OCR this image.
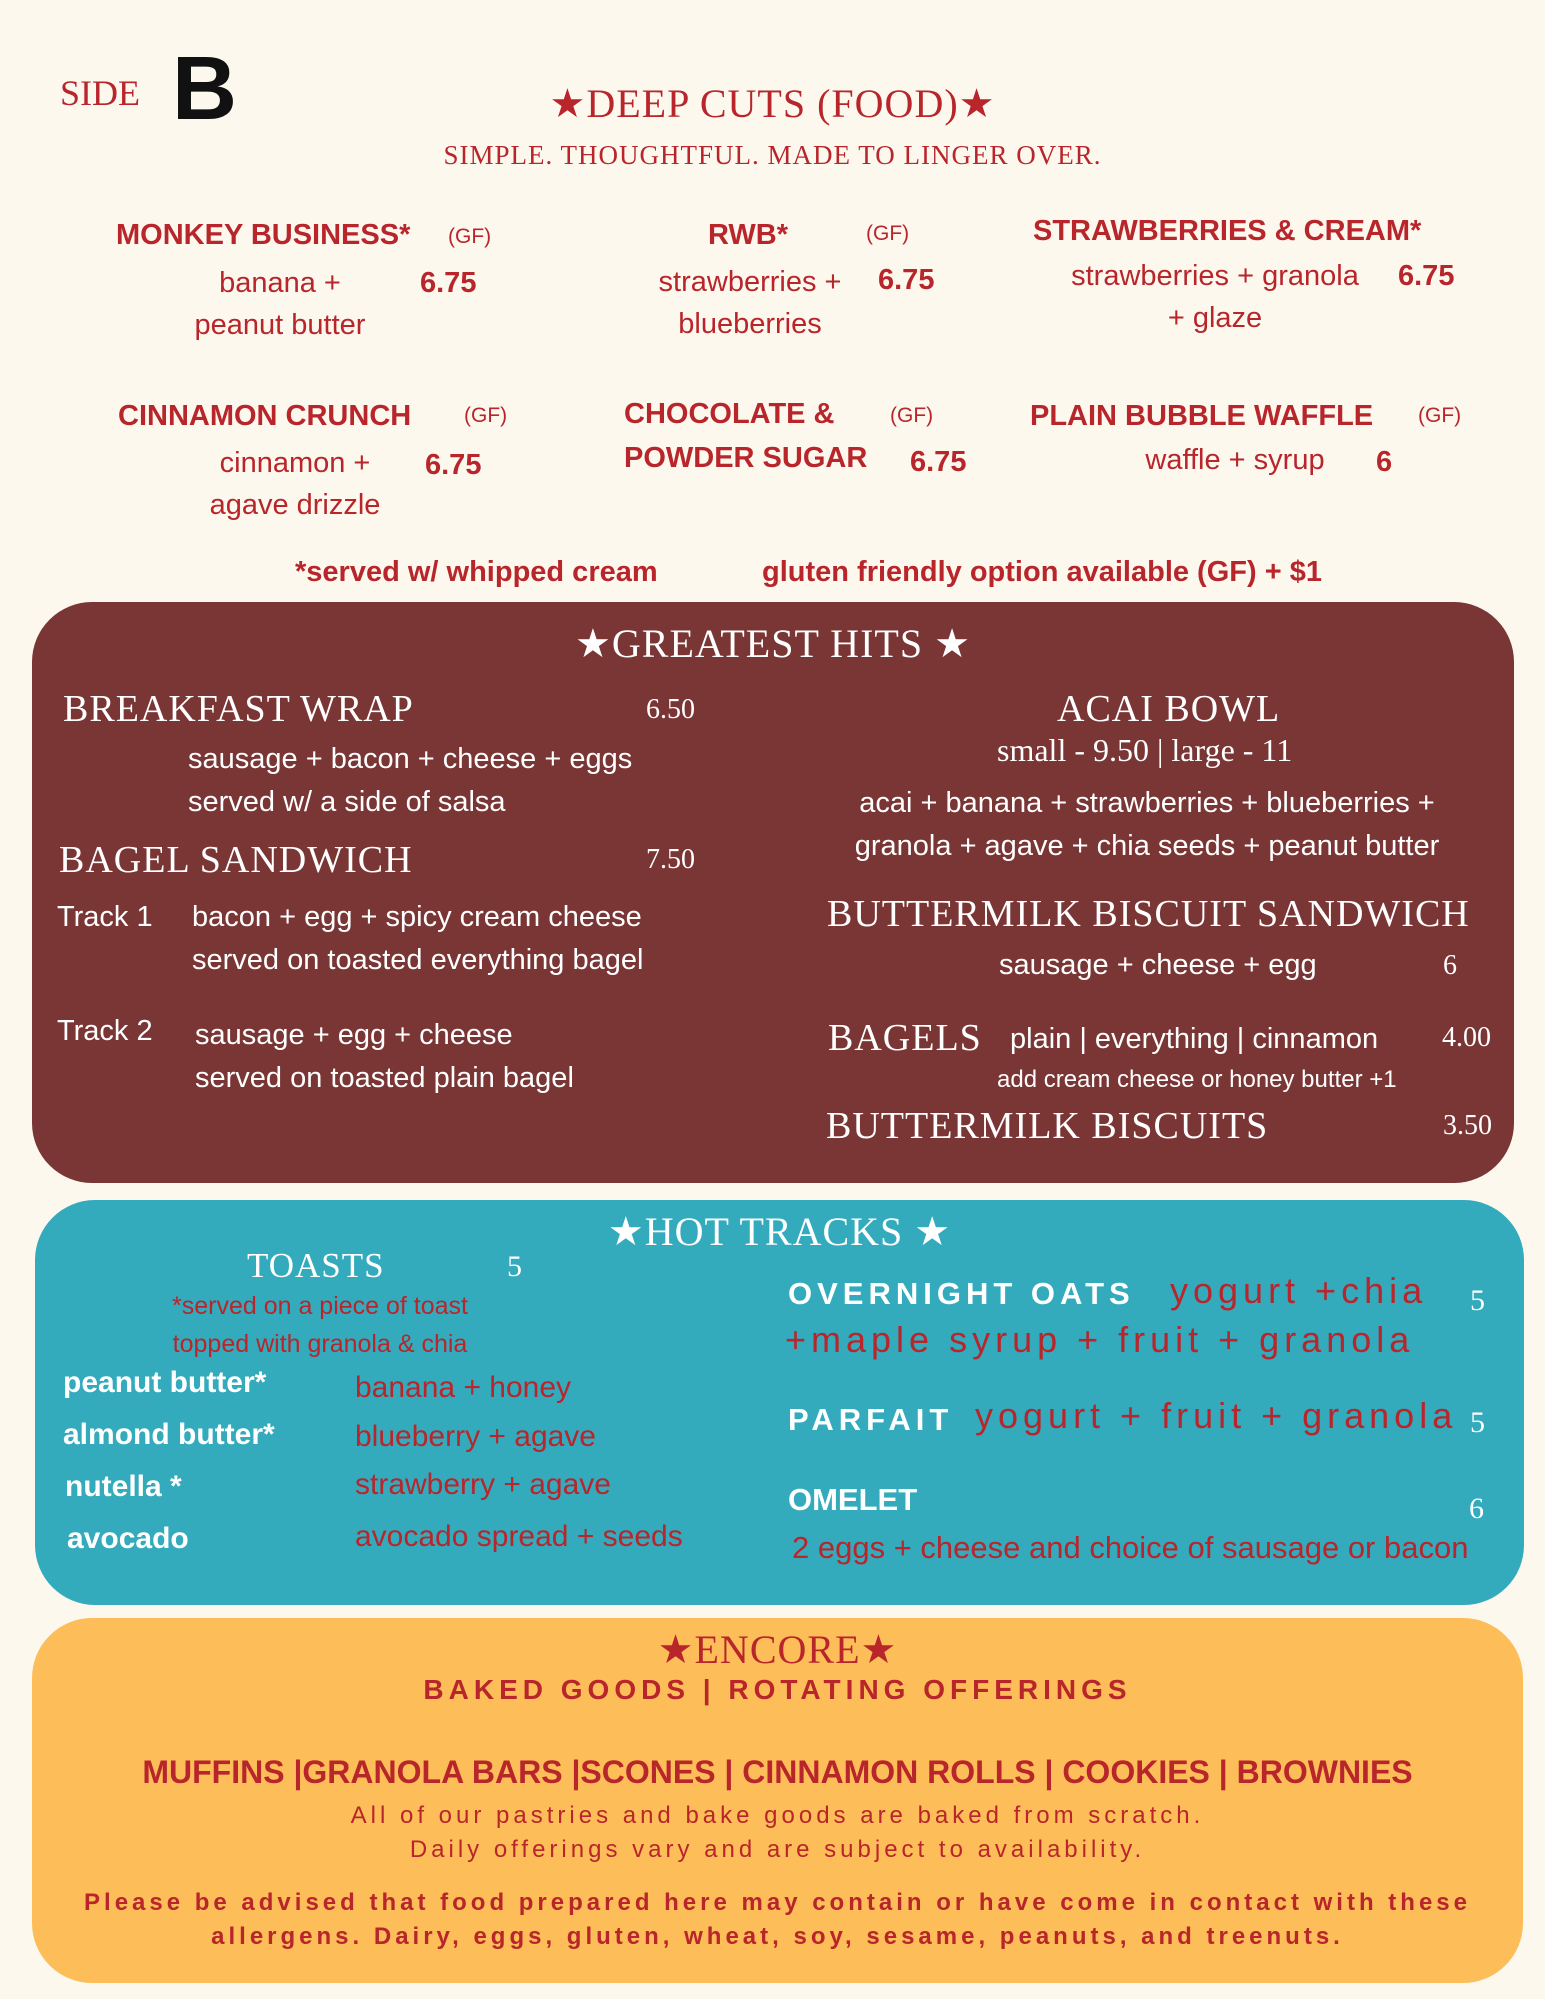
SIDE B	★DEEP CUTS (FOOD)★
SIMPLE. THOUGHTFUL. MADE TO LINGER OVER.
MONKEY BUSINESS* (GF)
banana +
peanut butter
6.75
RWB*	(GF)
strawberries +
blueberries
6.75
STRAWBERRIES & CREAM*
strawberries + granola
+ glaze
6.75
CINNAMON CRUNCH	(GF)
cinnamon +
agave drizzle
6.75
CHOCOLATE &
POWDER SUGAR
(GF)
6.75
PLAIN BUBBLE WAFFLE (GF)
waffle + syrup	6
*served w/ whipped cream	gluten friendly option available (GF) + $1
★GREATEST HITS ★
BREAKFAST WRAP	6.50
sausage + bacon + cheese + eggs
served w/ a side of salsa
BAGEL SANDWICH	7.50
Track 1 bacon + egg + spicy cream cheese
served on toasted everything bagel
Track 2 sausage + egg + cheese
served on toasted plain bagel
ACAI BOWL
small - 9.50 | large - 11
acai + banana + strawberries + blueberries +
granola + agave + chia seeds + peanut butter
BUTTERMILK BISCUIT SANDWICH
sausage + cheese + egg	6
BAGELS plain | everything | cinnamon 4.00
add cream cheese or honey butter +1
BUTTERMILK BISCUITS	3.50
★HOT TRACKS ★
TOASTS	5
*served on a piece of toast
topped with granola & chia
peanut butter*	banana + honey
almond butter*	blueberry + agave
nutella *	strawberry + agave
avocado	avocado spread + seeds
OVERNIGHT OATS yogurt +chia
+maple syrup + fruit + granola
5
PARFAIT yogurt + fruit + granola 5
OMELET
2 eggs + cheese and choice of sausage or bacon
6
★ENCORE★
BAKED GOODS | ROTATING OFFERINGS
MUFFINS |GRANOLA BARS |SCONES | CINNAMON ROLLS | COOKIES | BROWNIES
All of our pastries and bake goods are baked from scratch.
Daily offerings vary and are subject to availability.
Please be advised that food prepared here may contain or have come in contact with these
allergens. Dairy, eggs, gluten, wheat, soy, sesame, peanuts, and treenuts.
